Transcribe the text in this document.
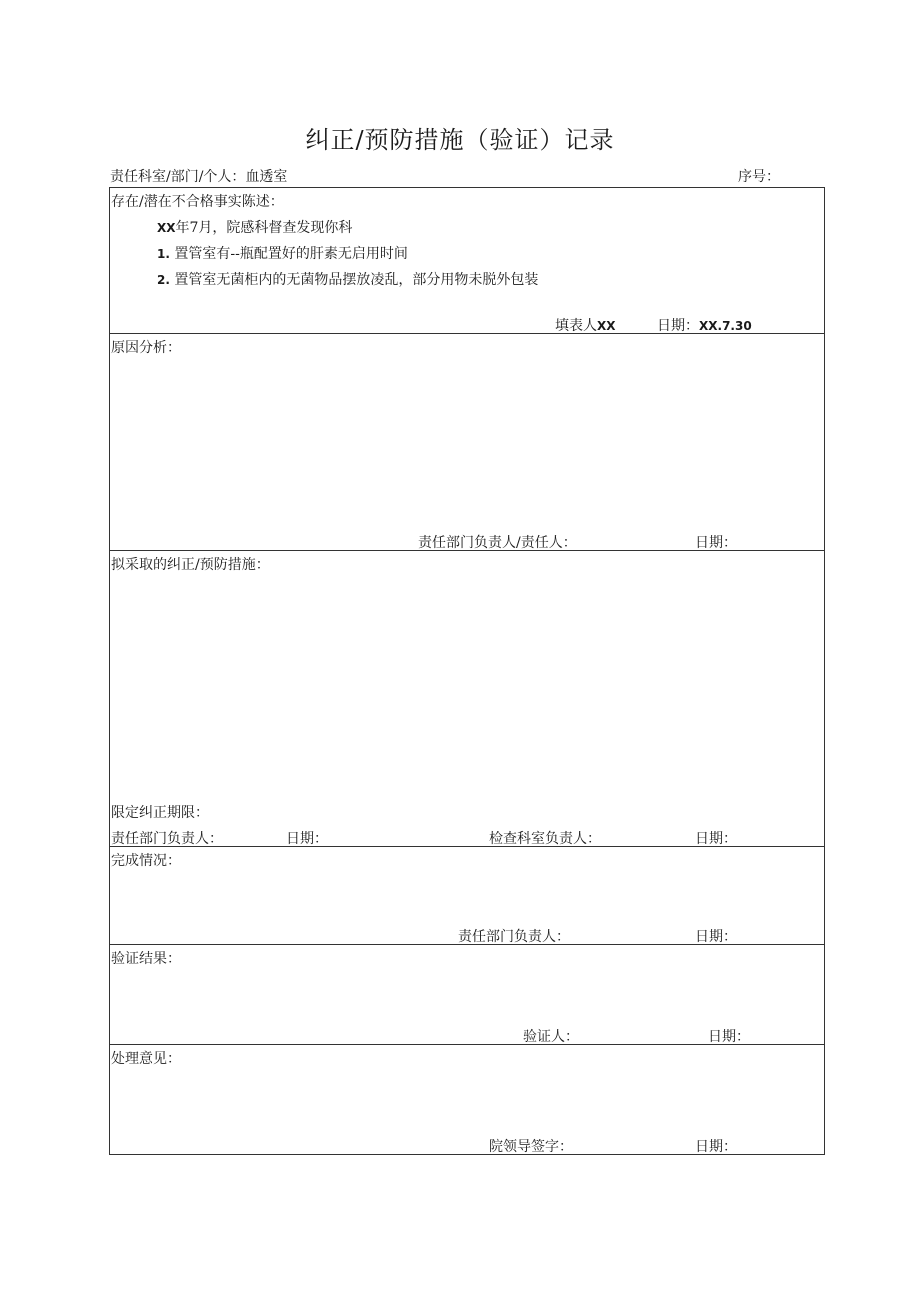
纠正/预防措施（验证）记录
责任科室/部门/个人：血透室	序号：
存在/潜在不合格事实陈述：
XX年7月，院感科督查发现你科
1. 置管室有--瓶配置好的肝素无启用时间
2. 置管室无菌柜内的无菌物品摆放凌乱，部分用物未脱外包装
填表人XX	日期：XX.7.30
原因分析：
责任部门负责人/责任人：	日期：
拟采取的纠正/预防措施：
限定纠正期限：
责任部门负责人：	日期：	检查科室负责人：	日期：
完成情况：
责任部门负责人：	日期：
验证结果：
验证人：	日期：
处理意见：
院领导签字：	日期：
